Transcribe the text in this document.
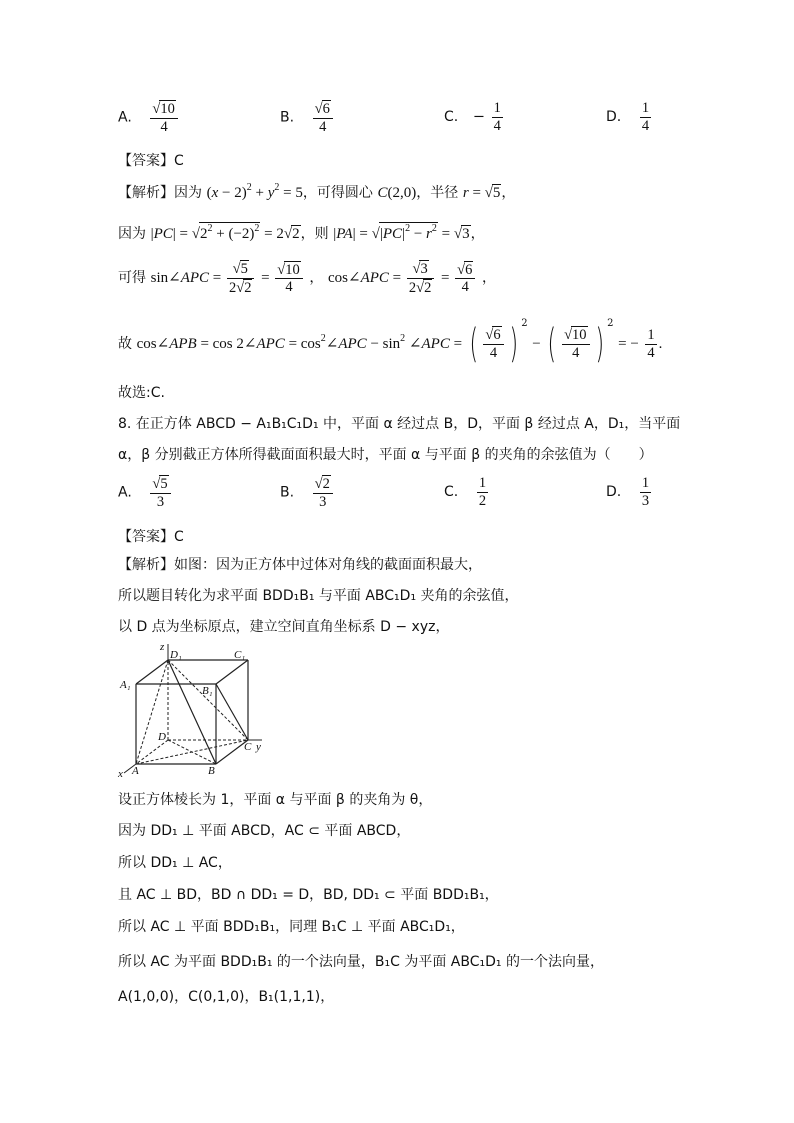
A. $\frac{√10}{4}$	B. $\frac{√6}{4}$	C. − $\frac{1}{4}$	D. $\frac{1}{4}$
【答案】C
【解析】因为 $(x - 2)^2 + y^2 = 5$，可得圆心 C(2,0)，半径 r = √5，
因为 $|PC| = √2^2 + (-2)^2 = 2√2$，则 $|PA| = √|PC|^2 - r^2 = √3$，
可得 sin∠APC = $\frac{√5}{2√2} = \frac{√10}{4}$ ， cos∠APC = $\frac{√3}{2√2} = \frac{√6}{4}$ ，
故 cos∠APB = cos 2∠APC = $\cos^2\angle APC - \sin^2$ ∠APC = ( $\frac{√6}{4}$ ) $^2$ − ( $\frac{√10}{4}$ ) $^2$ = − $\frac{1}{4}$ .
故选:C.
8. 在正方体 ABCD − A₁B₁C₁D₁ 中，平面 α 经过点 B，D，平面 β 经过点 A，D₁，当平面
α，β 分别截正方体所得截面面积最大时，平面 α 与平面 β 的夹角的余弦值为（　　）
A. $\frac{√5}{3}$	B. $\frac{√2}{3}$	C. $\frac{1}{2}$	D. $\frac{1}{3}$
【答案】C
【解析】如图：因为正方体中过体对角线的截面面积最大，
所以题目转化为求平面 BDD₁B₁ 与平面 ABC₁D₁ 夹角的余弦值，
以 D 点为坐标原点，建立空间直角坐标系 D − xyz，
z
y
x
D₁	C₁
A₁	B₁
D
C
A	B
设正方体棱长为 1，平面 α 与平面 β 的夹角为 θ，
因为 DD₁ ⊥ 平面 ABCD，AC ⊂ 平面 ABCD，
所以 DD₁ ⊥ AC，
且 AC ⊥ BD，BD ∩ DD₁ = D，BD, DD₁ ⊂ 平面 BDD₁B₁，
所以 AC ⊥ 平面 BDD₁B₁，同理 B₁C ⊥ 平面 ABC₁D₁，
所以 AC 为平面 BDD₁B₁ 的一个法向量，B₁C 为平面 ABC₁D₁ 的一个法向量，
A(1,0,0)，C(0,1,0)，B₁(1,1,1)，
